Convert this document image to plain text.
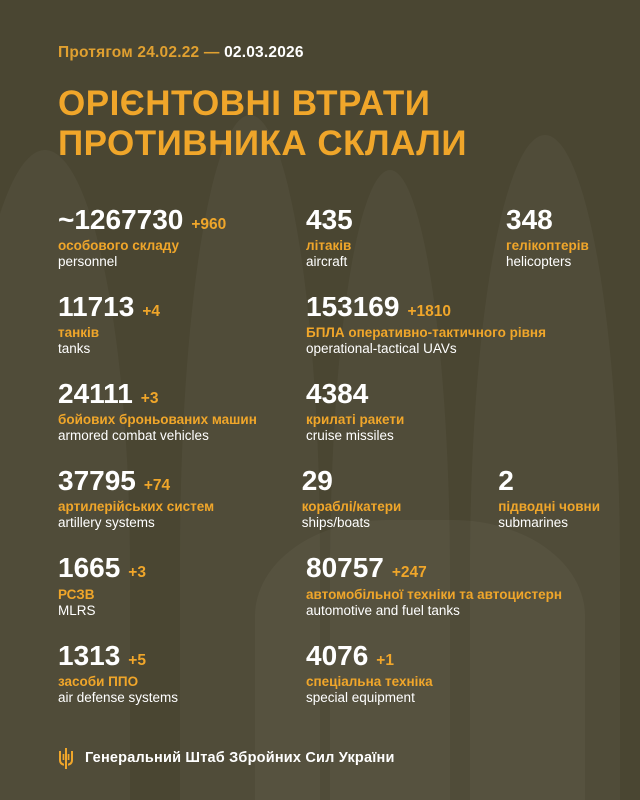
Протягом 24.02.22 — 02.03.2026
ОРІЄНТОВНІ ВТРАТИ
ПРОТИВНИКА СКЛАЛИ
~1267730 +960
особового складу
personnel
435
літаків
aircraft
348
гелікоптерів
helicopters
11713 +4
танків
tanks
153169 +1810
БПЛА оперативно-тактичного рівня
operational-tactical UAVs
24111 +3
бойових броньованих машин
armored combat vehicles
4384
крилаті ракети
cruise missiles
37795 +74
артилерійських систем
artillery systems
29
кораблі/катери
ships/boats
2
підводні човни
submarines
1665 +3
РСЗВ
MLRS
80757 +247
автомобільної техніки та автоцистерн
automotive and fuel tanks
1313 +5
засоби ППО
air defense systems
4076 +1
спеціальна техніка
special equipment
Генеральний Штаб Збройних Сил України
